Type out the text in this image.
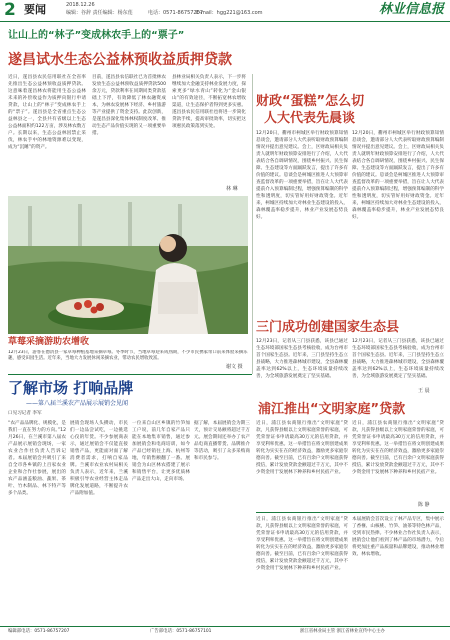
2 要闻	2018.12.26
编辑：谷辞 责任编辑：杨东莲	电话：0571-86757207
E-mail：hgg221@163.com	林业信息报
让山上的“林子”变成林农手上的“票子”
遂昌试水生态公益林预收益质押贷款
近日，遂昌县农民信用联社在全省率先推出生态公益林预收益质押贷款。这意味着遂昌林农将能用生态公益林未来的补偿收益作为质押向银行申请贷款，让山上的“林子”变成林农手上的“票子”。遂昌县是全省重点生态公益林县之一，全县共有省级以上生态公益林面积约122万亩，涉及林农数万户。长期以来，生态公益林因禁止采伐，林农手中的林地资源难以变现，成为“沉睡”的资产。
目前，遂昌县农信联社已为首批林农发放生态公益林预收益质押贷款500余万元，贷款利率在同期同类贷款基础上下浮，有效降低了林农融资成本，为林农发展林下经济、乡村旅游等产业提供了资金支持。此次创新，是遂昌县深化集体林权制度改革、推动生态产品价值实现的又一项重要举措。
县林业局相关负责人表示，下一步将继续加大金融支持林业发展力度，探索更多“绿水青山”转化为“金山银山”的有效途径，不断拓宽林农增收渠道，让生态保护者得到更多实惠。遂昌县农民信用联社也将进一步简化贷款手续，提高审批效率，切实把这项惠民政策落到实处。
林 琳
草莓采摘游助农增收
12月23日，游客在德清县一家草莓种植基地采摘草莓。冬季时节，当地草莓迎来成熟期，不少市民携家带口前来体验采摘乐趣，感受田园生活。近年来，当地大力发展休闲采摘农业，带动农民增收致富。
谢文 摄
财政“蛋糕”怎么切
人大代表先晨谈
12月20日，衢州市柯城区举行财政预算知情恳谈会，邀请部分人大代表听取财政预算编制情况并提出意见建议。会上，区财政局相关负责人就明年财政预算安排进行了介绍，人大代表结合各自调研情况，围绕乡村振兴、民生保障、生态建设等方面踊跃发言，提出了许多有价值的建议。恳谈会是柯城区推进人大预算审查监督改革的一项重要举措，旨在让人大代表提前介入预算编制过程，增强预算编制的科学性和透明度，切实管好用好财政资金。近年来，柯城区持续加大对林业生态建设的投入，森林覆盖率稳步提升，林业产业发展态势良好。
12月20日，衢州市柯城区举行财政预算知情恳谈会，邀请部分人大代表听取财政预算编制情况并提出意见建议。会上，区财政局相关负责人就明年财政预算安排进行了介绍，人大代表结合各自调研情况，围绕乡村振兴、民生保障、生态建设等方面踊跃发言，提出了许多有价值的建议。恳谈会是柯城区推进人大预算审查监督改革的一项重要举措，旨在让人大代表提前介入预算编制过程，增强预算编制的科学性和透明度，切实管好用好财政资金。近年来，柯城区持续加大对林业生态建设的投入，森林覆盖率稳步提升，林业产业发展态势良好。
三门成功创建国家生态县
12月23日，记者从三门县获悉，该县已通过生态环境部国家生态县考核验收，成为台州市首个国家生态县。近年来，三门县坚持生态立县战略，大力推进森林城市建设，全县森林覆盖率达到62%以上，生态环境质量持续改善，为全域旅游发展奠定了坚实基础。
12月23日，记者从三门县获悉，该县已通过生态环境部国家生态县考核验收，成为台州市首个国家生态县。近年来，三门县坚持生态立县战略，大力推进森林城市建设，全县森林覆盖率达到62%以上，生态环境质量持续改善，为全域旅游发展奠定了坚实基础。
王 晨
浦江推出“文明家庭”贷款
近日，浦江县农商银行推出“文明家庭”贷款，凡获得县级以上文明家庭荣誉的家庭，可凭荣誉证书申请最高30万元的信用贷款，并享受利率优惠。这一举措旨在将文明创建成果转化为实实在在的经济效益，激励更多家庭崇德向善。截至目前，已有百余户文明家庭获得授信，累计发放贷款金额超过千万元，其中不少资金用于发展林下种养和乡村民宿产业。
近日，浦江县农商银行推出“文明家庭”贷款，凡获得县级以上文明家庭荣誉的家庭，可凭荣誉证书申请最高30万元的信用贷款，并享受利率优惠。这一举措旨在将文明创建成果转化为实实在在的经济效益，激励更多家庭崇德向善。截至目前，已有百余户文明家庭获得授信，累计发放贷款金额超过千万元，其中不少资金用于发展林下种养和乡村民宿产业。
陈 静
近日，浦江县农商银行推出“文明家庭”贷款，凡获得县级以上文明家庭荣誉的家庭，可凭荣誉证书申请最高30万元的信用贷款，并享受利率优惠。这一举措旨在将文明创建成果转化为实实在在的经济效益，激励更多家庭崇德向善。截至目前，已有百余户文明家庭获得授信，累计发放贷款金额超过千万元，其中不少资金用于发展林下种养和乡村民宿产业。
本届展销会首次设立了林产品专区，集中展示了香榧、山核桃、竹笋、油茶等特色林产品，受到市民热捧。不少林业合作社负责人表示，展销会让他们看到了林产品的市场潜力，今后将更加注重产品质量和品牌建设，推动林业增效、林农增收。
了解市场 打响品牌
——第八届兰溪农产品展示展销会见闻
口见习记者 李军
“农产品品牌化、规模化，是我们一直在努力的方向。”12月26日，在兰溪市第八届农产品展示展销会现场，一家农业合作社负责人告诉记者。本届展销会共吸引了来自全市各乡镇的上百家农业企业和合作社参展，展出的农产品涵盖粮油、蔬果、茶叶、竹木制品、林下特产等多个品类。
展销会现场人头攒动，市民们一边品尝试吃，一边挑选心仪的年货。不少参展商表示，通过展销会不仅能直接销售产品，更能面对面了解消费者需求，打响自家品牌。兰溪市农业农村局相关负责人表示，近年来，兰溪积极引导农业经营主体走品牌化发展道路，不断提升农产品附加值。
一位来自山区乡镇的竹笋加工户说，前几年自家产品只能在本地集市销售，通过参加展销会和电商培训，如今产品已经销往上海、杭州等地，年销售额翻了一番。展销会为山区林农搭建了展示和销售平台，让更多优质林产品走出大山，走向市场。
据了解，本届展销会为期三天，预计交易额将超过千万元。展会期间还举办了农产品电商直播带货、品牌推介等活动，吸引了众多采购商和市民参与。
编辑部电话：0571-86757207	广告部电话：0571-86757101	浙江省林业局主管 浙江省林业宣传中心主办
